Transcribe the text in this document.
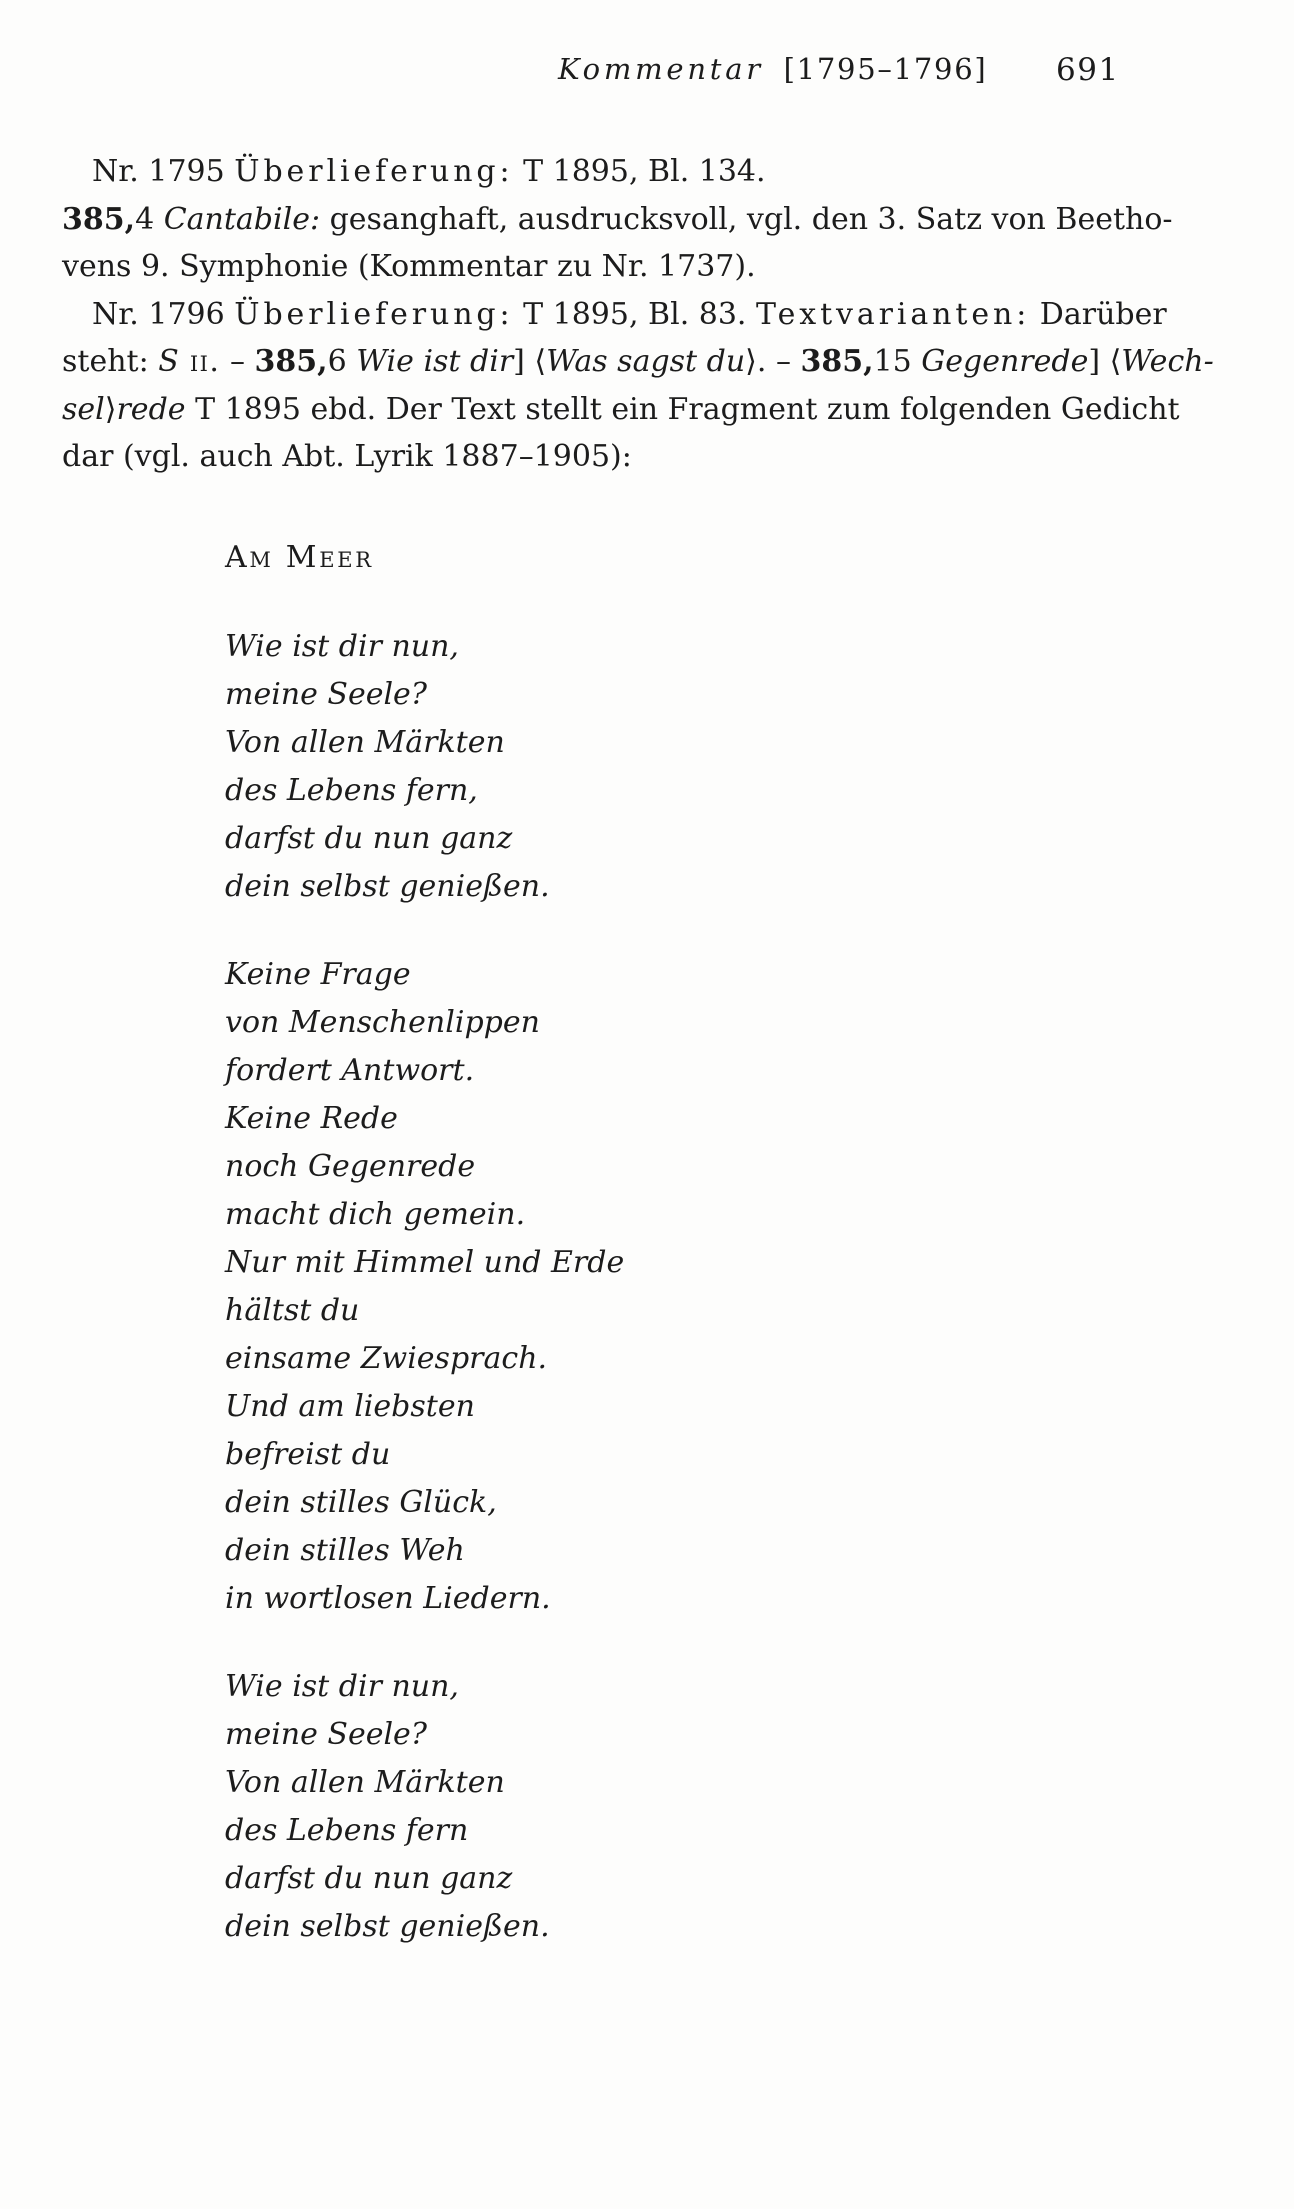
Kommentar  [1795–1796] 691
Nr. 1795 Überlieferung: T 1895, Bl. 134.
385,4 Cantabile: gesanghaft, ausdrucksvoll, vgl. den 3. Satz von Beetho-
vens 9. Symphonie (Kommentar zu Nr. 1737).
Nr. 1796 Überlieferung: T 1895, Bl. 83. Textvarianten: Darüber
steht: S ii. – 385,6 Wie ist dir] ⟨Was sagst du⟩. – 385,15 Gegenrede] ⟨Wech-
sel⟩rede T 1895 ebd. Der Text stellt ein Fragment zum folgenden Gedicht
dar (vgl. auch Abt. Lyrik 1887–1905):
Am Meer
Wie ist dir nun,
meine Seele?
Von allen Märkten
des Lebens fern,
darfst du nun ganz
dein selbst genießen.
Keine Frage
von Menschenlippen
fordert Antwort.
Keine Rede
noch Gegenrede
macht dich gemein.
Nur mit Himmel und Erde
hältst du
einsame Zwiesprach.
Und am liebsten
befreist du
dein stilles Glück,
dein stilles Weh
in wortlosen Liedern.
Wie ist dir nun,
meine Seele?
Von allen Märkten
des Lebens fern
darfst du nun ganz
dein selbst genießen.
